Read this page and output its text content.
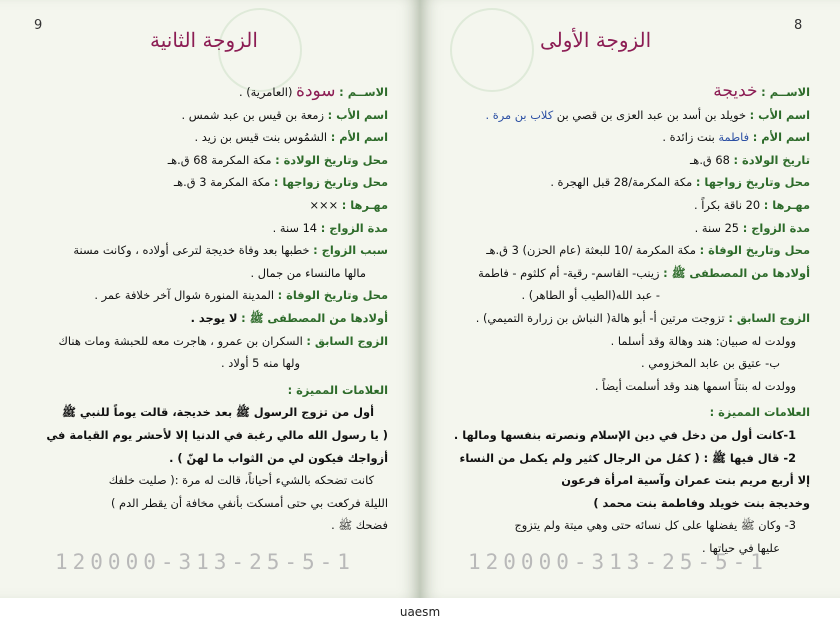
9
الزوجة الثانية
الاســم : سودة (العامرية) .
اسم الأب : زمعة بن قيس بن عبد شمس .
اسم الأم : الشمُوس بنت قيس بن زيد .
محل وتاريخ الولادة : مكة المكرمة 68 ق.هـ
محل وتاريخ زواجها : مكة المكرمة 3 ق.هـ
مهـرها : ×××
مدة الزواج : 14 سنة .
سبب الزواج : خطبها بعد وفاة خديجة لترعى أولاده ، وكانت مسنة
مالها مالنساء من جمال .
محل وتاريخ الوفاة : المدينة المنورة شوال آخر خلافة عمر .
أولادها من المصطفى ﷺ : لا يوجد .
الزوج السابق : السكران بن عمرو ، هاجرت معه للحبشة ومات هناك
ولها منه 5 أولاد .
العلامات المميزة :
أول من تزوج الرسول ﷺ بعد خديجة، قالت يوماً للنبي ﷺ
( يا رسول الله مالي رغبة في الدنيا إلا لأحشر يوم القيامة في
أزواجك فيكون لي من الثواب ما لهنّ ) .
كانت تضحكه بالشيء أحياناً، قالت له مرة :( صليت خلفك
الليلة فركعت بي حتى أمسكت بأنفي مخافة أن يقطر الدم )
فضحك ﷺ .
120000-313-25-5-1
8
الزوجة الأولى
الاســم : خديجة
اسم الأب : خويلد بن أسد بن عبد العزى بن قصي بن كلاب بن مرة .
اسم الأم : فاطمة بنت زائدة .
تاريخ الولادة : 68 ق.هـ
محل وتاريخ زواجها : مكة المكرمة/28 قبل الهجرة .
مهـرها : 20 ناقة بكراً .
مدة الزواج : 25 سنة .
محل وتاريخ الوفاة : مكة المكرمة /10 للبعثة (عام الحزن) 3 ق.هـ
أولادها من المصطفى ﷺ : زينب- القاسم- رقية- أم كلثوم - فاطمة
- عبد الله(الطيب أو الطاهر) .
الزوج السابق : تزوجت مرتين أ- أبو هالة( النباش بن زرارة التميمي) .
وولدت له صبيان: هند وهالة وقد أسلما .
ب- عتيق بن عابد المخزومي .
وولدت له بنتاً اسمها هند وقد أسلمت أيضاً .
العلامات المميزة :
1-كانت أول من دخل في دين الإسلام ونصرته بنفسها ومالها .
2- قال فيها ﷺ : ( كمُل من الرجال كثير ولم يكمل من النساء
إلا أربع مريم بنت عمران وآسية امرأة فرعون
وخديجة بنت خويلد وفاطمة بنت محمد )
3- وكان ﷺ يفضلها على كل نسائه حتى وهي ميتة ولم يتزوج
عليها في حياتها .
120000-313-25-5-1
uaesm
